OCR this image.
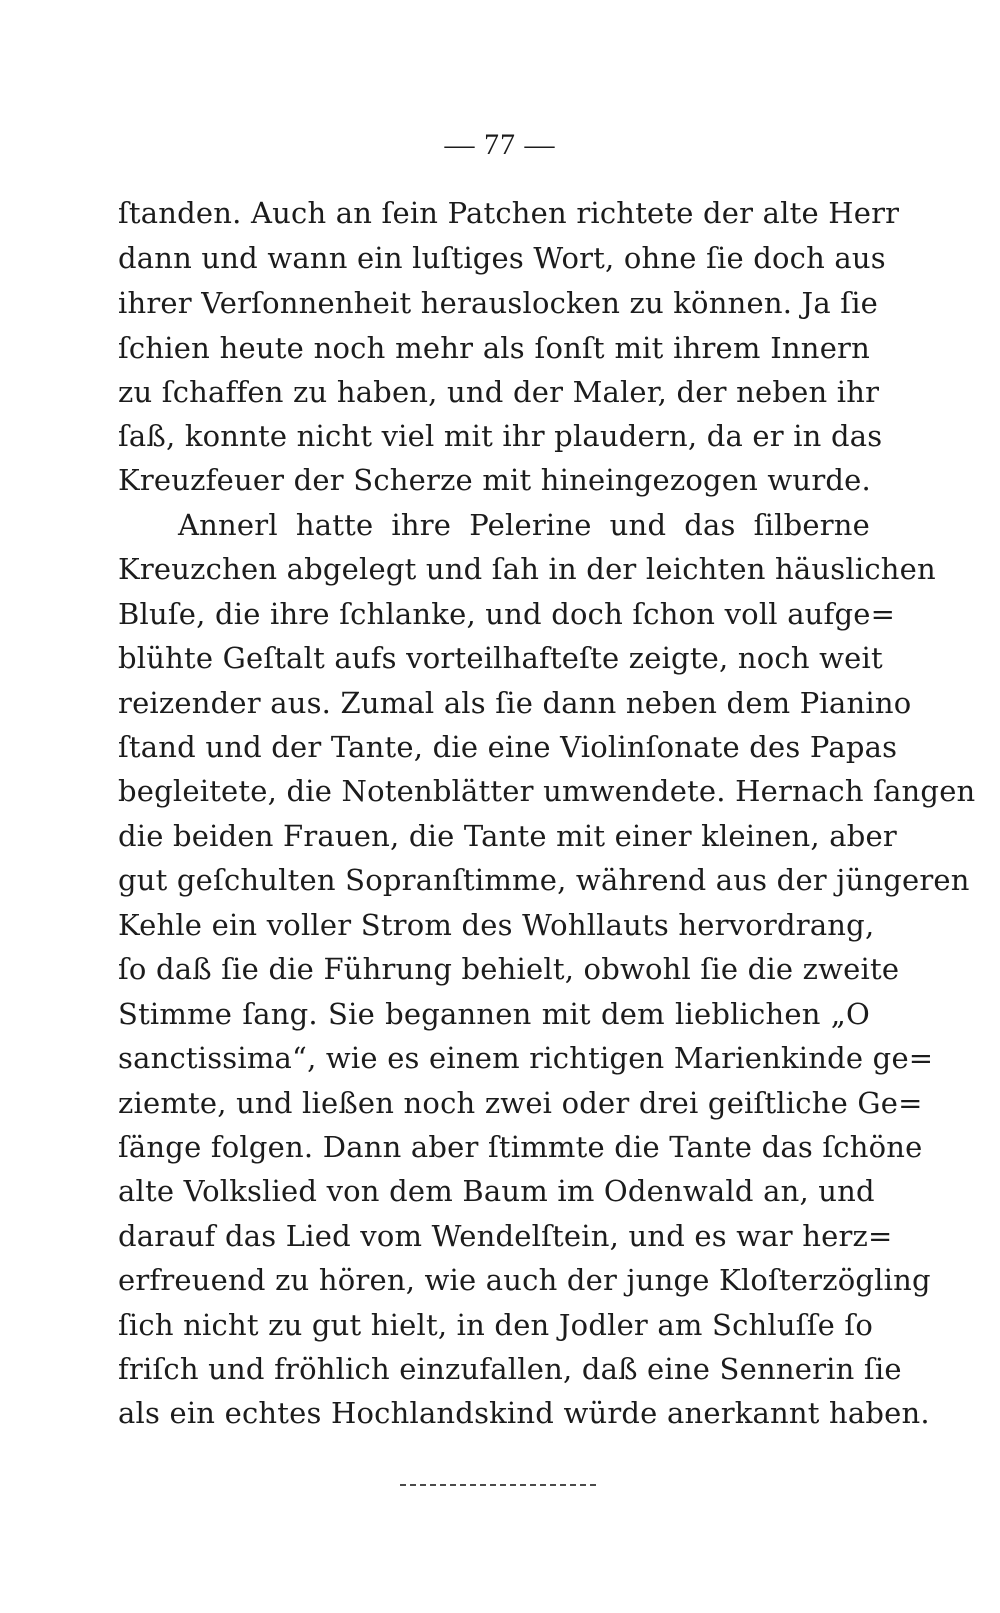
— 77 —
ſtanden. Auch an ſein Patchen richtete der alte Herr
dann und wann ein luſtiges Wort, ohne ſie doch aus
ihrer Verſonnenheit herauslocken zu können. Ja ſie
ſchien heute noch mehr als ſonſt mit ihrem Innern
zu ſchaffen zu haben, und der Maler, der neben ihr
ſaß, konnte nicht viel mit ihr plaudern, da er in das
Kreuzfeuer der Scherze mit hineingezogen wurde.
Annerl hatte ihre Pelerine und das ſilberne
Kreuzchen abgelegt und ſah in der leichten häuslichen
Bluſe, die ihre ſchlanke, und doch ſchon voll aufge=
blühte Geſtalt aufs vorteilhafteſte zeigte, noch weit
reizender aus. Zumal als ſie dann neben dem Pianino
ſtand und der Tante, die eine Violinſonate des Papas
begleitete, die Notenblätter umwendete. Hernach ſangen
die beiden Frauen, die Tante mit einer kleinen, aber
gut geſchulten Sopranſtimme, während aus der jüngeren
Kehle ein voller Strom des Wohllauts hervordrang,
ſo daß ſie die Führung behielt, obwohl ſie die zweite
Stimme ſang. Sie begannen mit dem lieblichen „O
sanctissima“, wie es einem richtigen Marienkinde ge=
ziemte, und ließen noch zwei oder drei geiſtliche Ge=
ſänge folgen. Dann aber ſtimmte die Tante das ſchöne
alte Volkslied von dem Baum im Odenwald an, und
darauf das Lied vom Wendelſtein, und es war herz=
erfreuend zu hören, wie auch der junge Kloſterzögling
ſich nicht zu gut hielt, in den Jodler am Schluſſe ſo
friſch und fröhlich einzufallen, daß eine Sennerin ſie
als ein echtes Hochlandskind würde anerkannt haben.
